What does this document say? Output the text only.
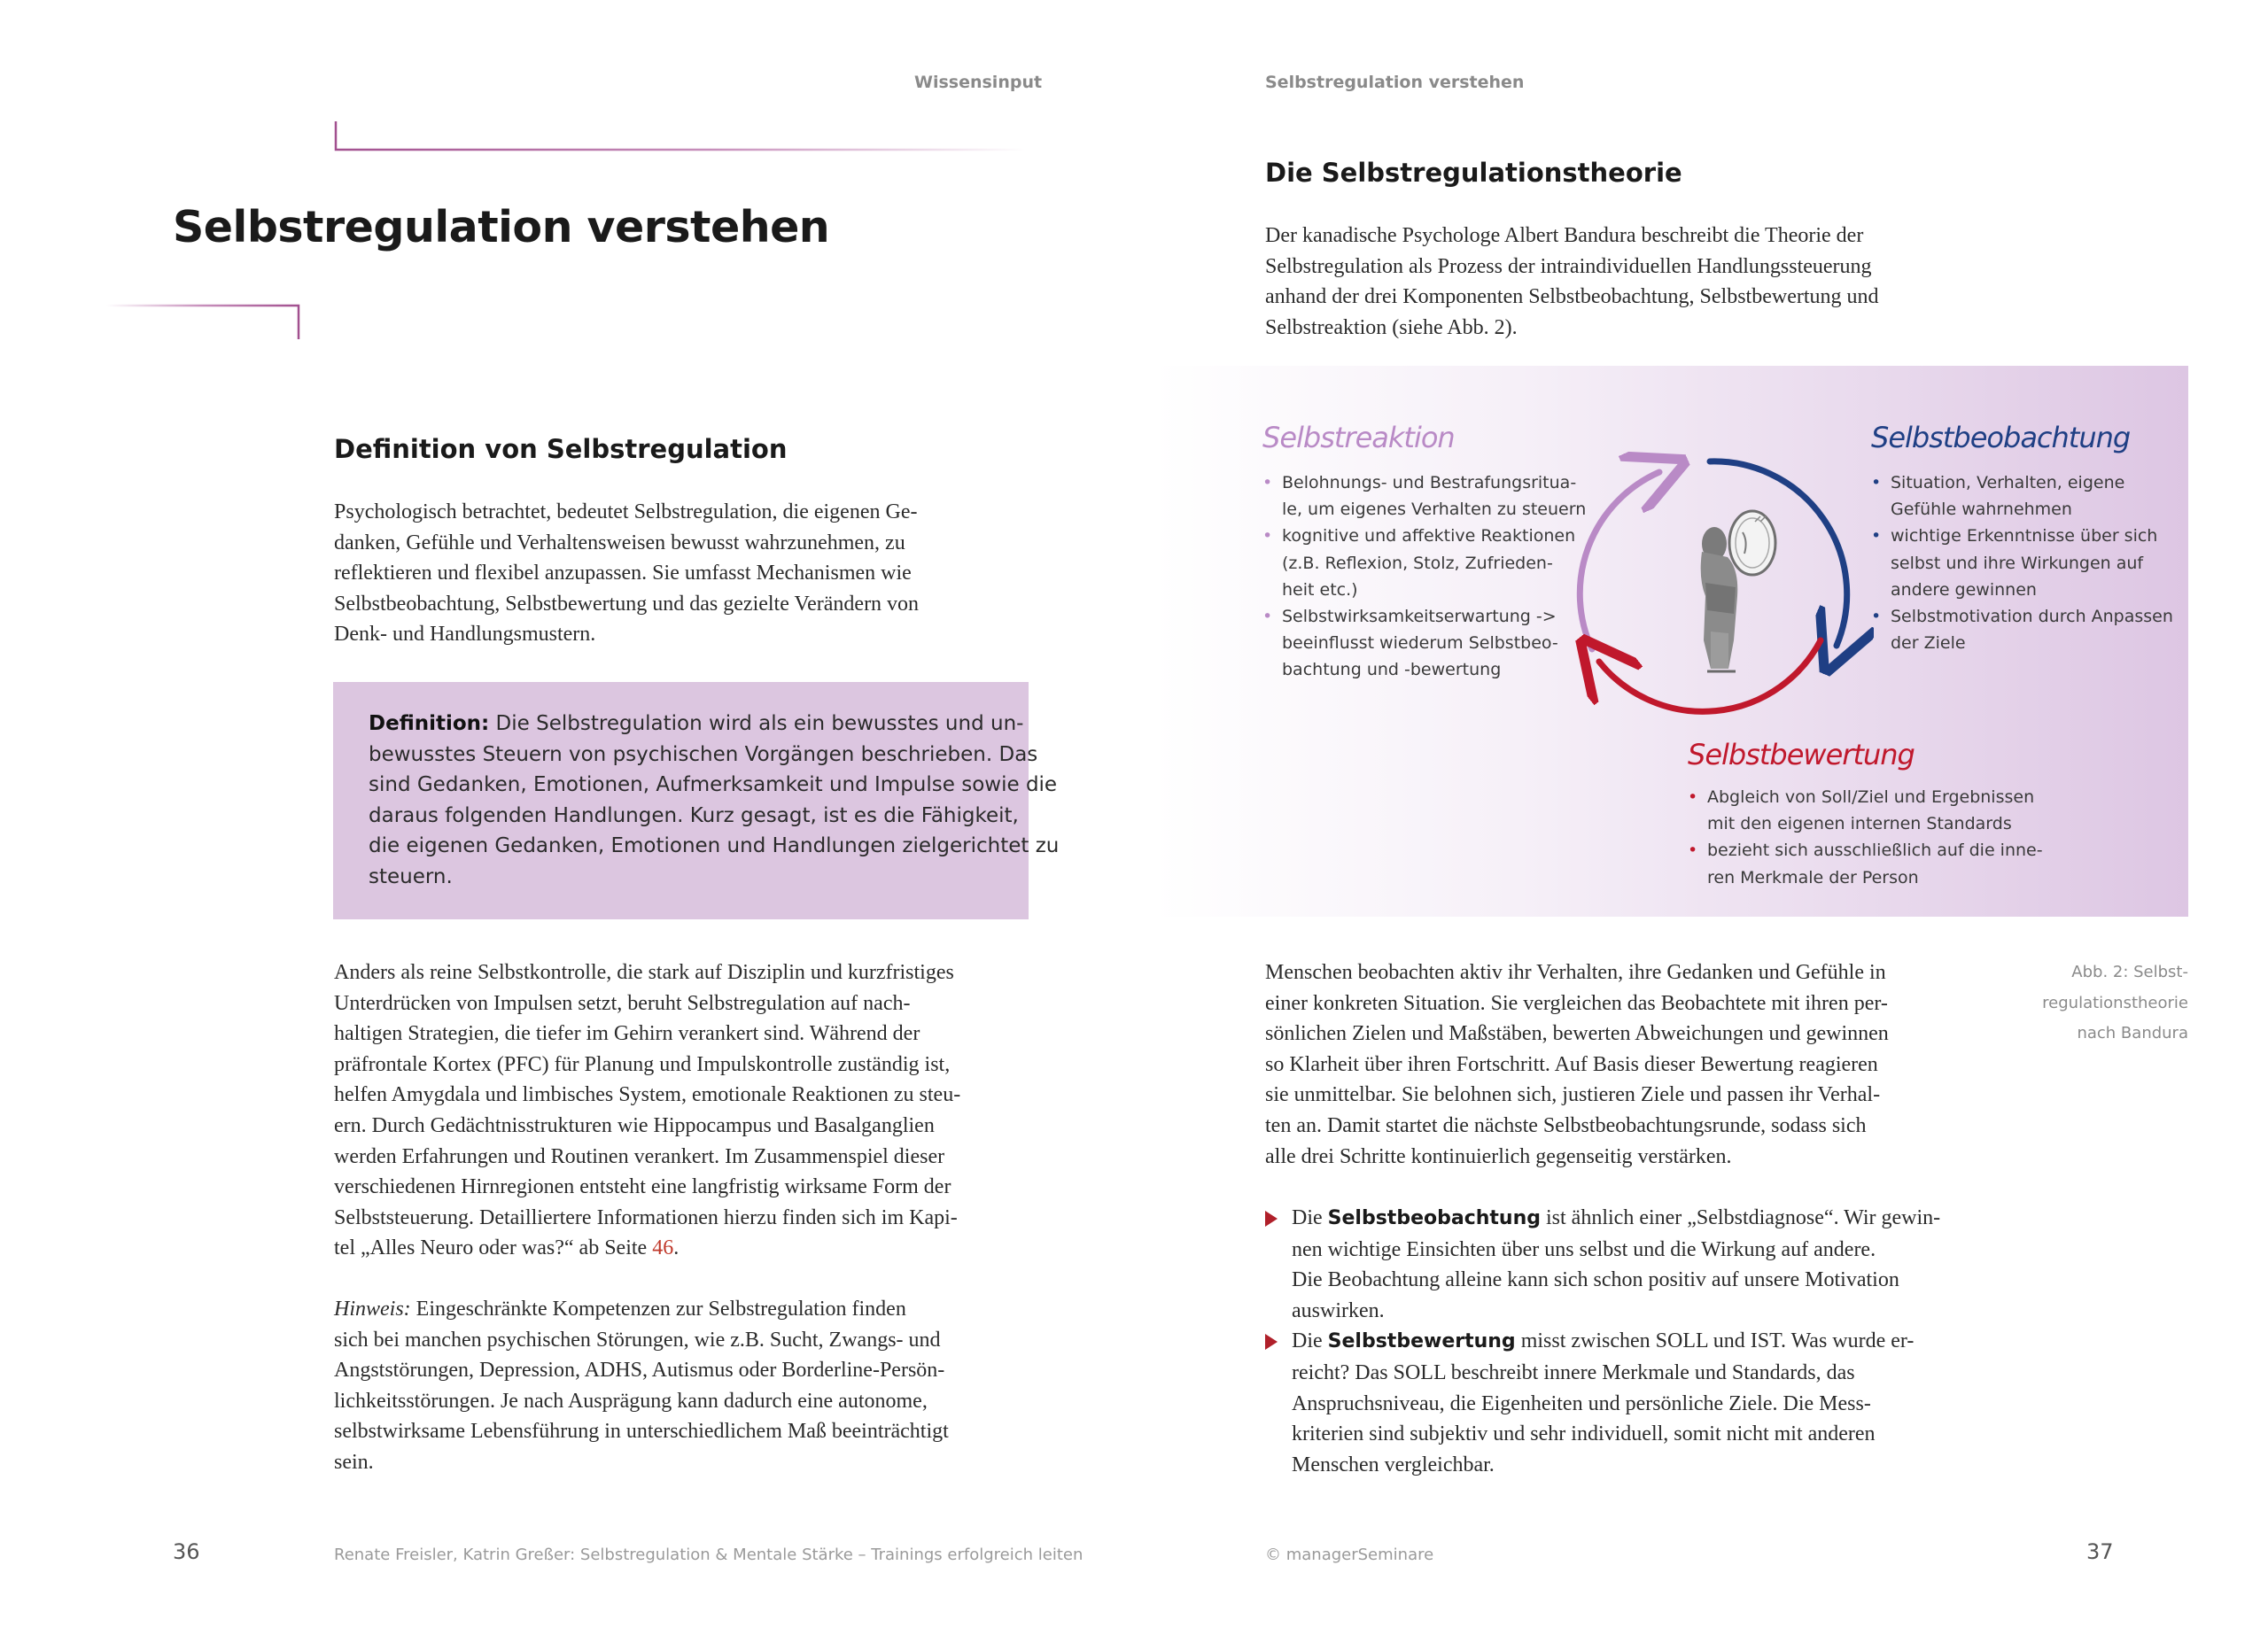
Wissensinput	Selbstregulation verstehen
Selbstregulation verstehen
Definition von Selbstregulation
Psychologisch betrachtet, bedeutet Selbstregulation, die eigenen Ge-
danken, Gefühle und Verhaltensweisen bewusst wahrzunehmen, zu
reflektieren und flexibel anzupassen. Sie umfasst Mechanismen wie
Selbstbeobachtung, Selbstbewertung und das gezielte Verändern von
Denk- und Handlungsmustern.
Definition: Die Selbstregulation wird als ein bewusstes und un-
bewusstes Steuern von psychischen Vorgängen beschrieben. Das
sind Gedanken, Emotionen, Aufmerksamkeit und Impulse sowie die
daraus folgenden Handlungen. Kurz gesagt, ist es die Fähigkeit,
die eigenen Gedanken, Emotionen und Handlungen zielgerichtet zu
steuern.
Anders als reine Selbstkontrolle, die stark auf Disziplin und kurzfristiges
Unterdrücken von Impulsen setzt, beruht Selbstregulation auf nach-
haltigen Strategien, die tiefer im Gehirn verankert sind. Während der
präfrontale Kortex (PFC) für Planung und Impulskontrolle zuständig ist,
helfen Amygdala und limbisches System, emotionale Reaktionen zu steu-
ern. Durch Gedächtnisstrukturen wie Hippocampus und Basalganglien
werden Erfahrungen und Routinen verankert. Im Zusammenspiel dieser
verschiedenen Hirnregionen entsteht eine langfristig wirksame Form der
Selbststeuerung. Detailliertere Informationen hierzu finden sich im Kapi-
tel „Alles Neuro oder was?“ ab Seite 46.
Hinweis: Eingeschränkte Kompetenzen zur Selbstregulation finden
sich bei manchen psychischen Störungen, wie z.B. Sucht, Zwangs- und
Angststörungen, Depression, ADHS, Autismus oder Borderline-Persön-
lichkeitsstörungen. Je nach Ausprägung kann dadurch eine autonome,
selbstwirksame Lebensführung in unterschiedlichem Maß beeinträchtigt
sein.
36	Renate Freisler, Katrin Greßer: Selbstregulation & Mentale Stärke – Trainings erfolgreich leiten
Die Selbstregulationstheorie
Der kanadische Psychologe Albert Bandura beschreibt die Theorie der
Selbstregulation als Prozess der intraindividuellen Handlungssteuerung
anhand der drei Komponenten Selbstbeobachtung, Selbstbewertung und
Selbstreaktion (siehe Abb. 2).
Selbstreaktion
• Belohnungs- und Bestrafungsritua-
le, um eigenes Verhalten zu steuern
• kognitive und affektive Reaktionen
(z.B. Reflexion, Stolz, Zufrieden-
heit etc.)
• Selbstwirksamkeitserwartung ->
beeinflusst wiederum Selbstbeo-
bachtung und -bewertung
Selbstbeobachtung
• Situation, Verhalten, eigene
Gefühle wahrnehmen
• wichtige Erkenntnisse über sich
selbst und ihre Wirkungen auf
andere gewinnen
• Selbstmotivation durch Anpassen
der Ziele
Selbstbewertung
• Abgleich von Soll/Ziel und Ergebnissen
mit den eigenen internen Standards
• bezieht sich ausschließlich auf die inne-
ren Merkmale der Person
Abb. 2: Selbst-
regulationstheorie
nach Bandura
Menschen beobachten aktiv ihr Verhalten, ihre Gedanken und Gefühle in
einer konkreten Situation. Sie vergleichen das Beobachtete mit ihren per-
sönlichen Zielen und Maßstäben, bewerten Abweichungen und gewinnen
so Klarheit über ihren Fortschritt. Auf Basis dieser Bewertung reagieren
sie unmittelbar. Sie belohnen sich, justieren Ziele und passen ihr Verhal-
ten an. Damit startet die nächste Selbstbeobachtungsrunde, sodass sich
alle drei Schritte kontinuierlich gegenseitig verstärken.
Die Selbstbeobachtung ist ähnlich einer „Selbstdiagnose“. Wir gewin-
nen wichtige Einsichten über uns selbst und die Wirkung auf andere.
Die Beobachtung alleine kann sich schon positiv auf unsere Motivation
auswirken.
Die Selbstbewertung misst zwischen SOLL und IST. Was wurde er-
reicht? Das SOLL beschreibt innere Merkmale und Standards, das
Anspruchsniveau, die Eigenheiten und persönliche Ziele. Die Mess-
kriterien sind subjektiv und sehr individuell, somit nicht mit anderen
Menschen vergleichbar.
© managerSeminare	37
